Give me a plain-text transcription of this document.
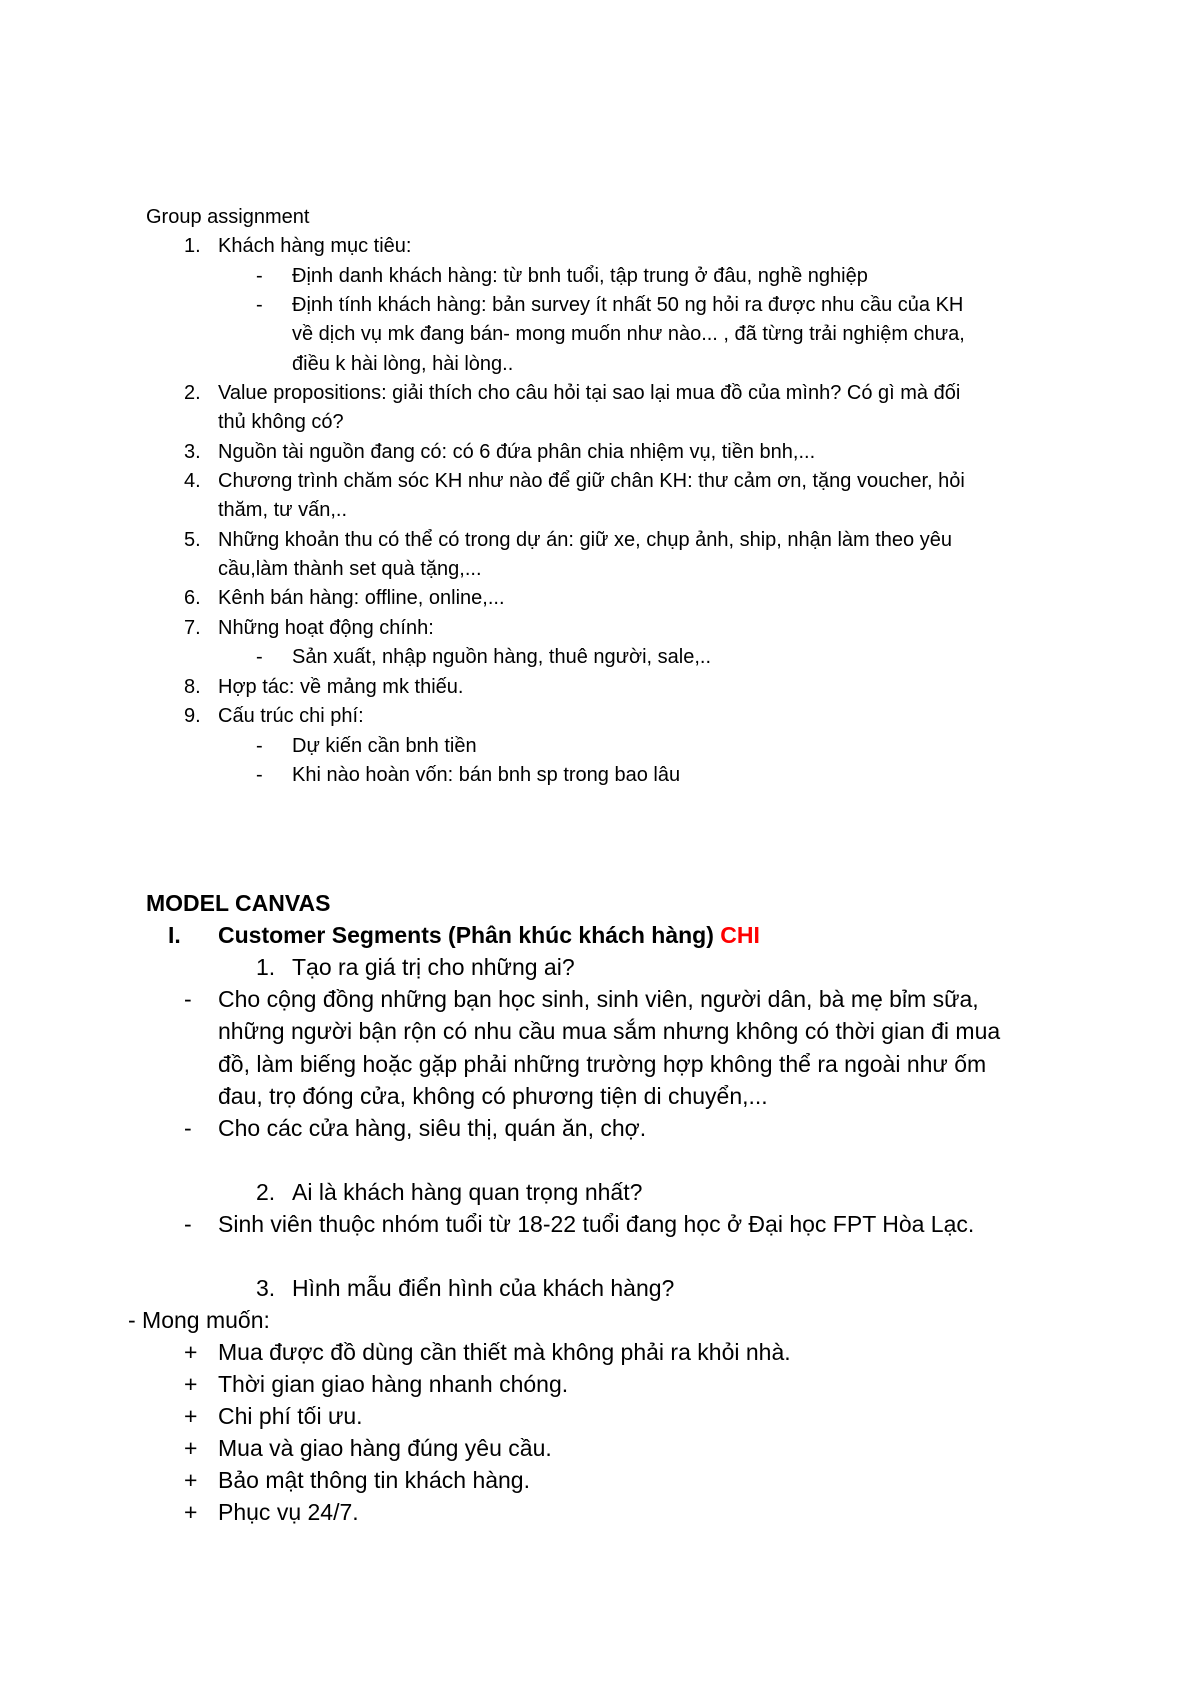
Group assignment
1. Khách hàng mục tiêu:
- Định danh khách hàng: từ bnh tuổi, tập trung ở đâu, nghề nghiệp
- Định tính khách hàng: bản survey ít nhất 50 ng hỏi ra được nhu cầu của KH
về dịch vụ mk đang bán- mong muốn như nào... , đã từng trải nghiệm chưa,
điều k hài lòng, hài lòng..
2. Value propositions: giải thích cho câu hỏi tại sao lại mua đồ của mình? Có gì mà đối
thủ không có?
3. Nguồn tài nguồn đang có: có 6 đứa phân chia nhiệm vụ, tiền bnh,...
4. Chương trình chăm sóc KH như nào để giữ chân KH: thư cảm ơn, tặng voucher, hỏi
thăm, tư vấn,..
5. Những khoản thu có thể có trong dự án: giữ xe, chụp ảnh, ship, nhận làm theo yêu
cầu,làm thành set quà tặng,...
6. Kênh bán hàng: offline, online,...
7. Những hoạt động chính:
- Sản xuất, nhập nguồn hàng, thuê người, sale,..
8. Hợp tác: về mảng mk thiếu.
9. Cấu trúc chi phí:
- Dự kiến cần bnh tiền
- Khi nào hoàn vốn: bán bnh sp trong bao lâu
MODEL CANVAS
I. Customer Segments (Phân khúc khách hàng) CHI
1. Tạo ra giá trị cho những ai?
- Cho cộng đồng những bạn học sinh, sinh viên, người dân, bà mẹ bỉm sữa,
những người bận rộn có nhu cầu mua sắm nhưng không có thời gian đi mua
đồ, làm biếng hoặc gặp phải những trường hợp không thể ra ngoài như ốm
đau, trọ đóng cửa, không có phương tiện di chuyển,...
- Cho các cửa hàng, siêu thị, quán ăn, chợ.
2. Ai là khách hàng quan trọng nhất?
- Sinh viên thuộc nhóm tuổi từ 18-22 tuổi đang học ở Đại học FPT Hòa Lạc.
3. Hình mẫu điển hình của khách hàng?
- Mong muốn:
+ Mua được đồ dùng cần thiết mà không phải ra khỏi nhà.
+ Thời gian giao hàng nhanh chóng.
+ Chi phí tối ưu.
+ Mua và giao hàng đúng yêu cầu.
+ Bảo mật thông tin khách hàng.
+ Phục vụ 24/7.
